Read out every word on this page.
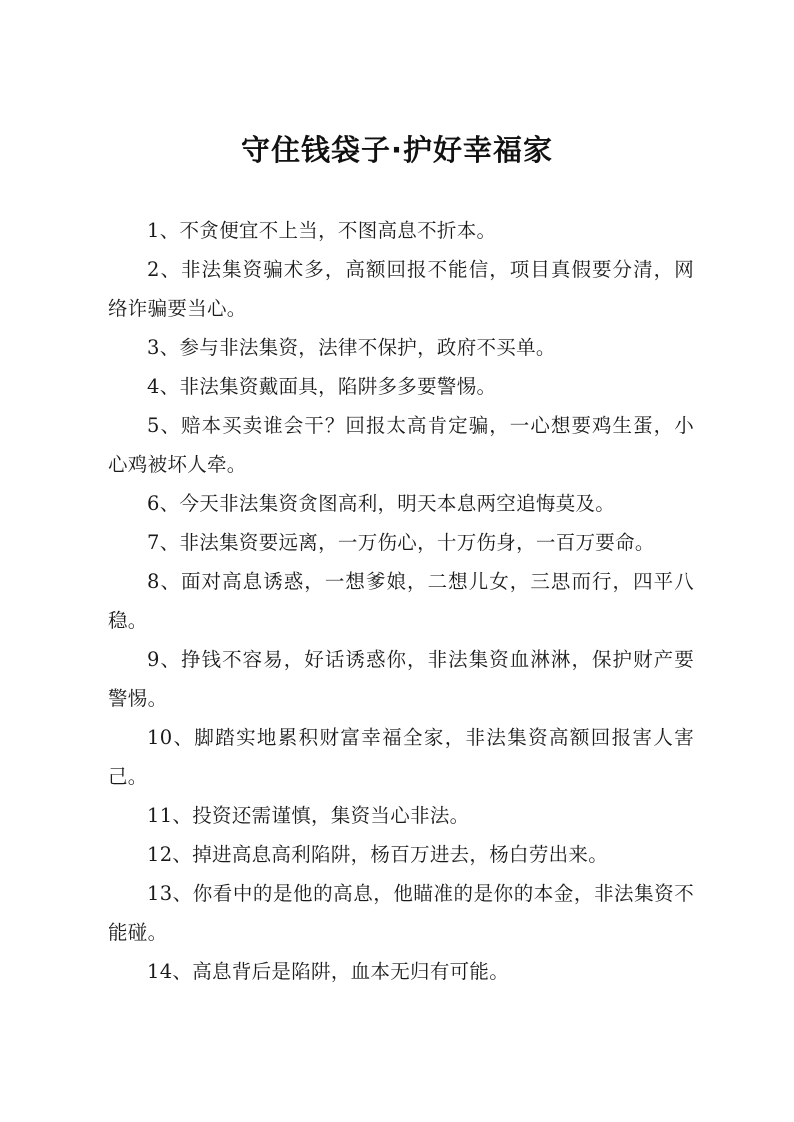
守住钱袋子·护好幸福家

1、不贪便宜不上当，不图高息不折本。

2、非法集资骗术多，高额回报不能信，项目真假要分清，网络诈骗要当心。

3、参与非法集资，法律不保护，政府不买单。

4、非法集资戴面具，陷阱多多要警惕。

5、赔本买卖谁会干？回报太高肯定骗，一心想要鸡生蛋，小心鸡被坏人牵。

6、今天非法集资贪图高利，明天本息两空追悔莫及。

7、非法集资要远离，一万伤心，十万伤身，一百万要命。

8、面对高息诱惑，一想爹娘，二想儿女，三思而行，四平八稳。

9、挣钱不容易，好话诱惑你，非法集资血淋淋，保护财产要警惕。

10、脚踏实地累积财富幸福全家，非法集资高额回报害人害己。

11、投资还需谨慎，集资当心非法。

12、掉进高息高利陷阱，杨百万进去，杨白劳出来。

13、你看中的是他的高息，他瞄准的是你的本金，非法集资不能碰。

14、高息背后是陷阱，血本无归有可能。
